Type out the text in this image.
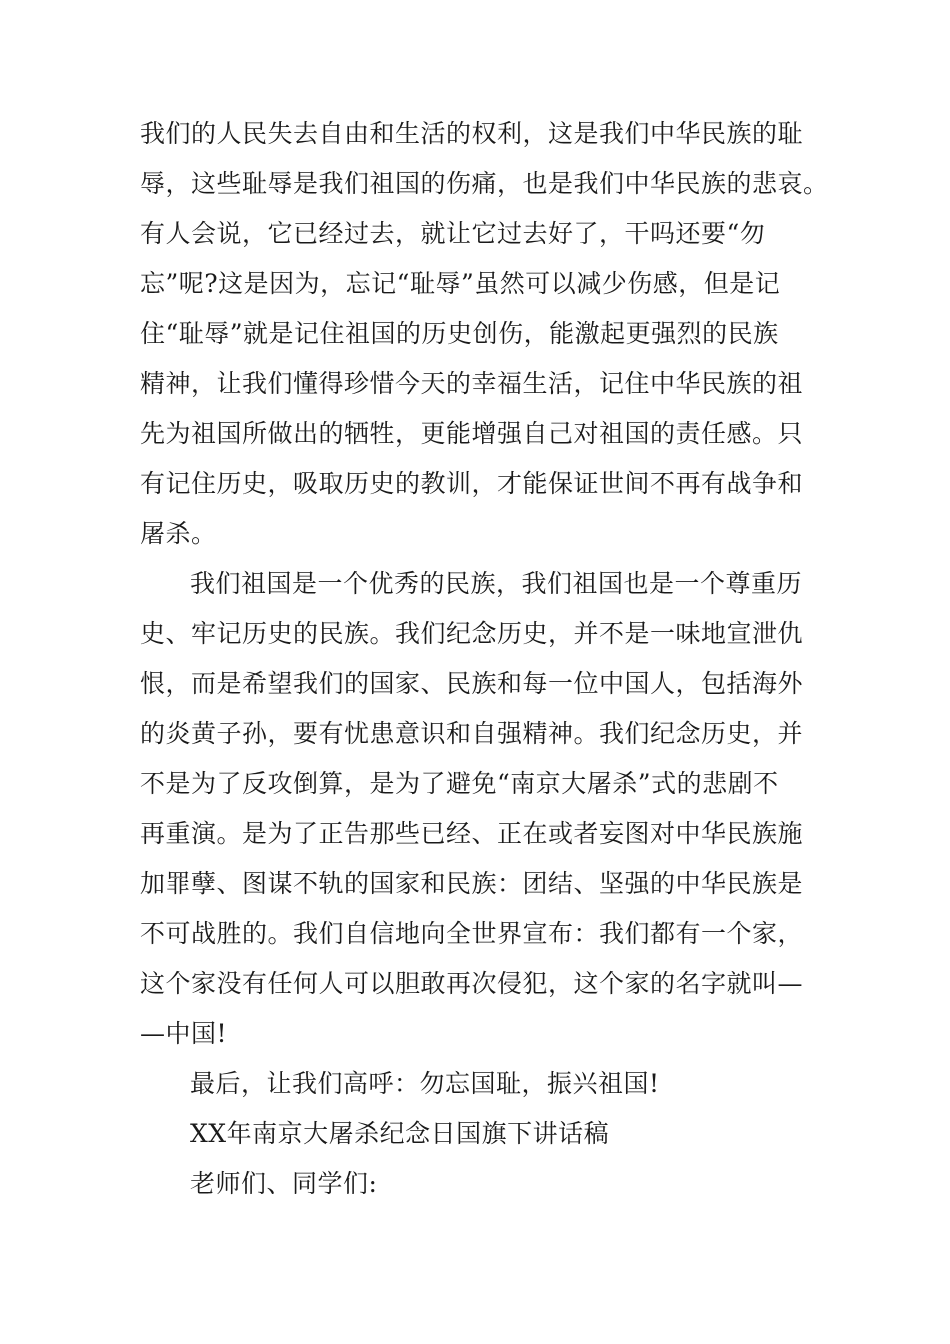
我们的人民失去自由和生活的权利，这是我们中华民族的耻
辱，这些耻辱是我们祖国的伤痛，也是我们中华民族的悲哀。
有人会说，它已经过去，就让它过去好了，干吗还要“勿
忘”呢?这是因为，忘记“耻辱”虽然可以减少伤感，但是记
住“耻辱”就是记住祖国的历史创伤，能激起更强烈的民族
精神，让我们懂得珍惜今天的幸福生活，记住中华民族的祖
先为祖国所做出的牺牲，更能增强自己对祖国的责任感。只
有记住历史，吸取历史的教训，才能保证世间不再有战争和
屠杀。
我们祖国是一个优秀的民族，我们祖国也是一个尊重历
史、牢记历史的民族。我们纪念历史，并不是一味地宣泄仇
恨，而是希望我们的国家、民族和每一位中国人，包括海外
的炎黄子孙，要有忧患意识和自强精神。我们纪念历史，并
不是为了反攻倒算，是为了避免“南京大屠杀”式的悲剧不
再重演。是为了正告那些已经、正在或者妄图对中华民族施
加罪孽、图谋不轨的国家和民族：团结、坚强的中华民族是
不可战胜的。我们自信地向全世界宣布：我们都有一个家，
这个家没有任何人可以胆敢再次侵犯，这个家的名字就叫—
—中国!
最后，让我们高呼：勿忘国耻，振兴祖国!
XX年南京大屠杀纪念日国旗下讲话稿
老师们、同学们:
